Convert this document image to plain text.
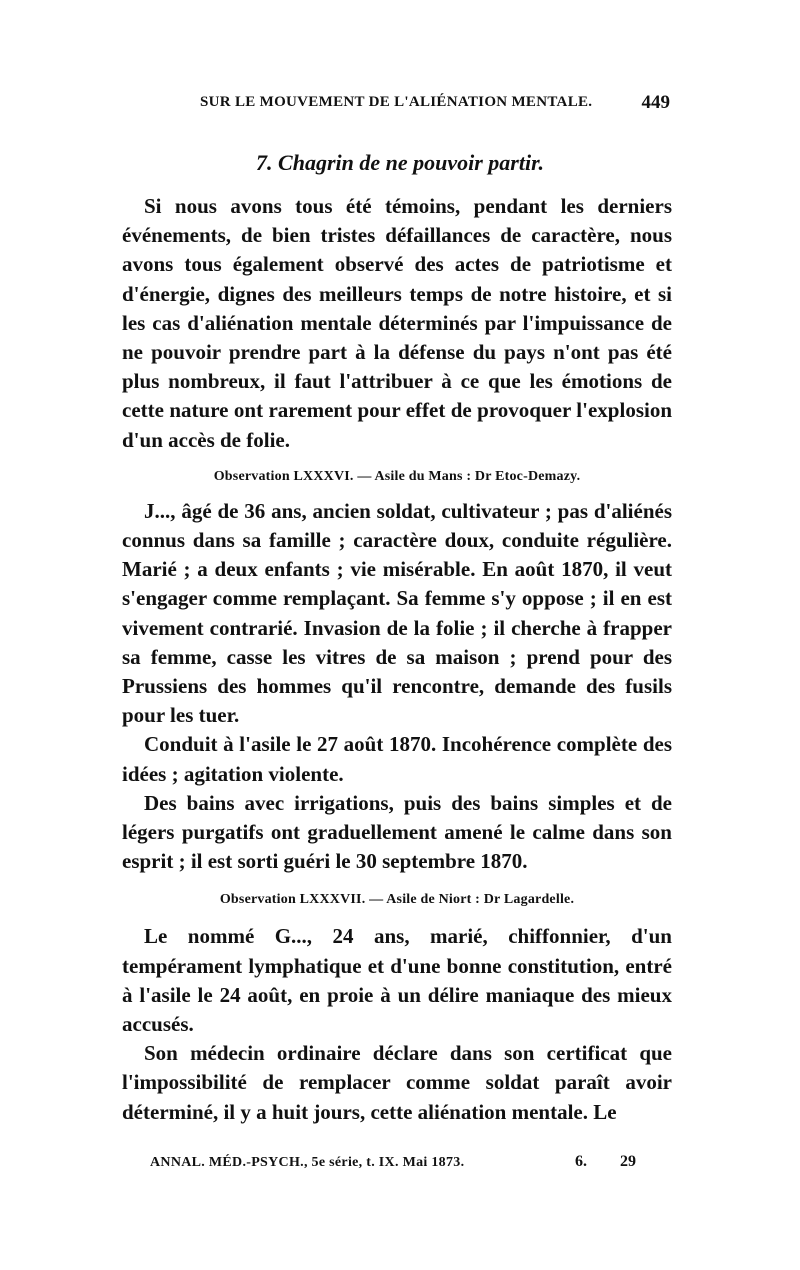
SUR LE MOUVEMENT DE L'ALIÉNATION MENTALE.	449
7. Chagrin de ne pouvoir partir.

Si nous avons tous été témoins, pendant les derniers événements, de bien tristes défaillances de caractère, nous avons tous également observé des actes de patriotisme et d'énergie, dignes des meilleurs temps de notre histoire, et si les cas d'aliénation mentale déterminés par l'impuissance de ne pouvoir prendre part à la défense du pays n'ont pas été plus nombreux, il faut l'attribuer à ce que les émotions de cette nature ont rarement pour effet de provoquer l'explosion d'un accès de folie.

Observation LXXXVI. — Asile du Mans : Dr Etoc-Demazy.

J..., âgé de 36 ans, ancien soldat, cultivateur ; pas d'aliénés connus dans sa famille ; caractère doux, conduite régulière. Marié ; a deux enfants ; vie misérable. En août 1870, il veut s'engager comme remplaçant. Sa femme s'y oppose ; il en est vivement contrarié. Invasion de la folie ; il cherche à frapper sa femme, casse les vitres de sa maison ; prend pour des Prussiens des hommes qu'il rencontre, demande des fusils pour les tuer.

Conduit à l'asile le 27 août 1870. Incohérence complète des idées ; agitation violente.

Des bains avec irrigations, puis des bains simples et de légers purgatifs ont graduellement amené le calme dans son esprit ; il est sorti guéri le 30 septembre 1870.

Observation LXXXVII. — Asile de Niort : Dr Lagardelle.

Le nommé G..., 24 ans, marié, chiffonnier, d'un tempérament lymphatique et d'une bonne constitution, entré à l'asile le 24 août, en proie à un délire maniaque des mieux accusés.

Son médecin ordinaire déclare dans son certificat que l'impossibilité de remplacer comme soldat paraît avoir déterminé, il y a huit jours, cette aliénation mentale. Le

ANNAL. MÉD.-PSYCH., 5e série, t. IX. Mai 1873.	6. 29
